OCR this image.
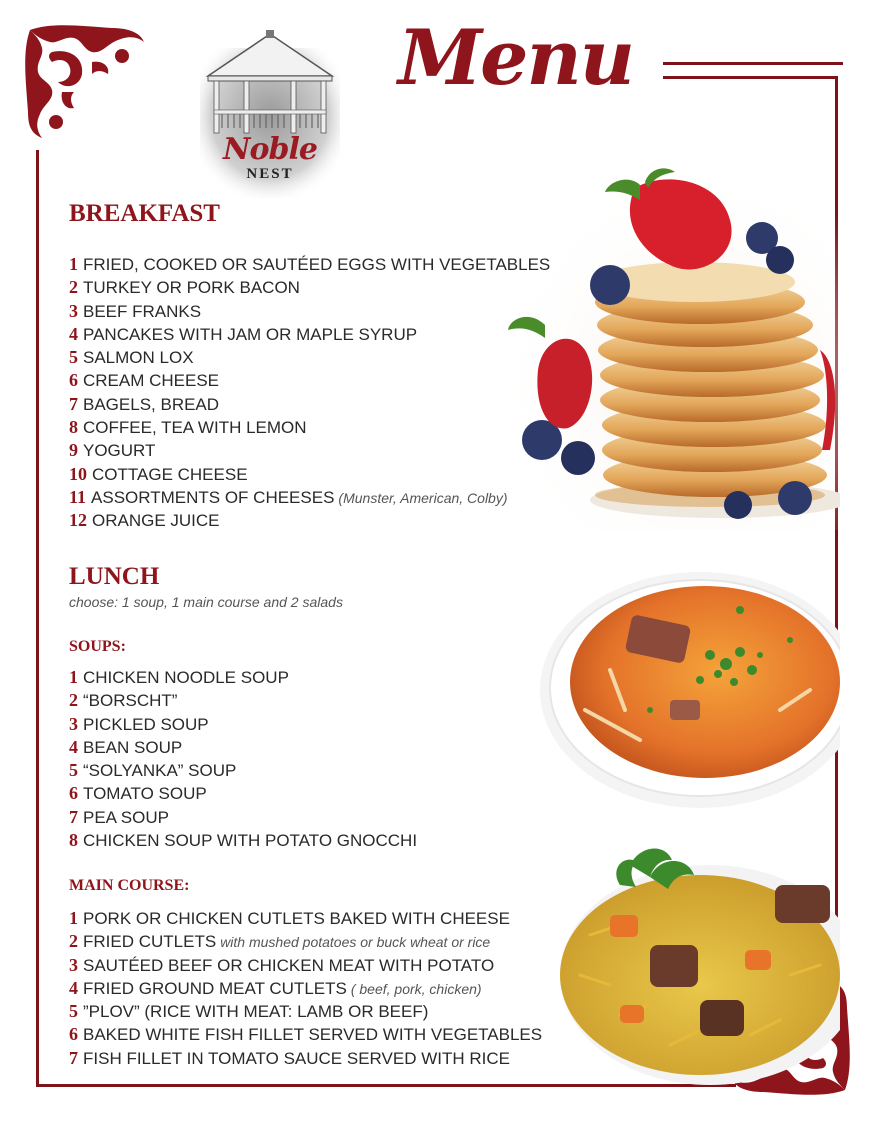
Noble
NEST
Menu
BREAKFAST
1 FRIED, COOKED OR SAUTÉED EGGS WITH VEGETABLES
2 TURKEY OR PORK BACON
3 BEEF FRANKS
4 PANCAKES WITH JAM OR MAPLE SYRUP
5 SALMON LOX
6 CREAM CHEESE
7 BAGELS, BREAD
8 COFFEE, TEA WITH LEMON
9 YOGURT
10 COTTAGE CHEESE
11 ASSORTMENTS OF CHEESES (Munster, American, Colby)
12 ORANGE JUICE
LUNCH
choose: 1 soup, 1 main course and 2 salads
SOUPS:
1 CHICKEN NOODLE SOUP
2 “BORSCHT”
3 PICKLED SOUP
4 BEAN SOUP
5 “SOLYANKA” SOUP
6 TOMATO SOUP
7 PEA SOUP
8 CHICKEN SOUP WITH POTATO GNOCCHI
MAIN COURSE:
1 PORK OR CHICKEN CUTLETS BAKED WITH CHEESE
2 FRIED CUTLETS with mushed potatoes or buck wheat or rice
3 SAUTÉED BEEF OR CHICKEN MEAT WITH POTATO
4 FRIED GROUND MEAT CUTLETS ( beef, pork, chicken)
5 ”PLOV” (RICE WITH MEAT: LAMB OR BEEF)
6 BAKED WHITE FISH FILLET SERVED WITH VEGETABLES
7 FISH FILLET IN TOMATO SAUCE SERVED WITH RICE
